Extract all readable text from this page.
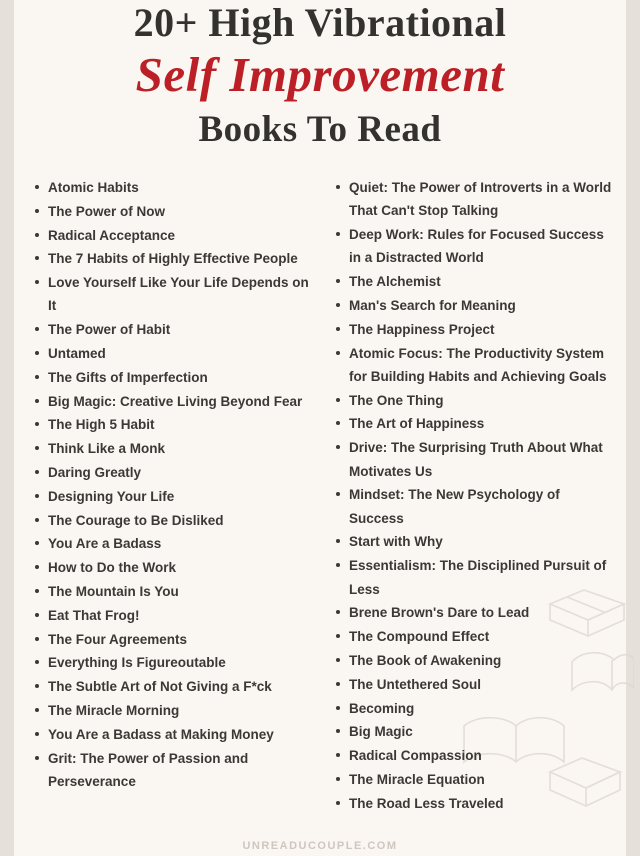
20+ High Vibrational
Self Improvement
Books To Read
Atomic Habits
The Power of Now
Radical Acceptance
The 7 Habits of Highly Effective People
Love Yourself Like Your Life Depends on It
The Power of Habit
Untamed
The Gifts of Imperfection
Big Magic: Creative Living Beyond Fear
The High 5 Habit
Think Like a Monk
Daring Greatly
Designing Your Life
The Courage to Be Disliked
You Are a Badass
How to Do the Work
The Mountain Is You
Eat That Frog!
The Four Agreements
Everything Is Figureoutable
The Subtle Art of Not Giving a F*ck
The Miracle Morning
You Are a Badass at Making Money
Grit: The Power of Passion and Perseverance
Quiet: The Power of Introverts in a World That Can't Stop Talking
Deep Work: Rules for Focused Success in a Distracted World
The Alchemist
Man's Search for Meaning
The Happiness Project
Atomic Focus: The Productivity System for Building Habits and Achieving Goals
The One Thing
The Art of Happiness
Drive: The Surprising Truth About What Motivates Us
Mindset: The New Psychology of Success
Start with Why
Essentialism: The Disciplined Pursuit of Less
Brene Brown's Dare to Lead
The Compound Effect
The Book of Awakening
The Untethered Soul
Becoming
Big Magic
Radical Compassion
The Miracle Equation
The Road Less Traveled
UNREADUCOUPLE.COM
